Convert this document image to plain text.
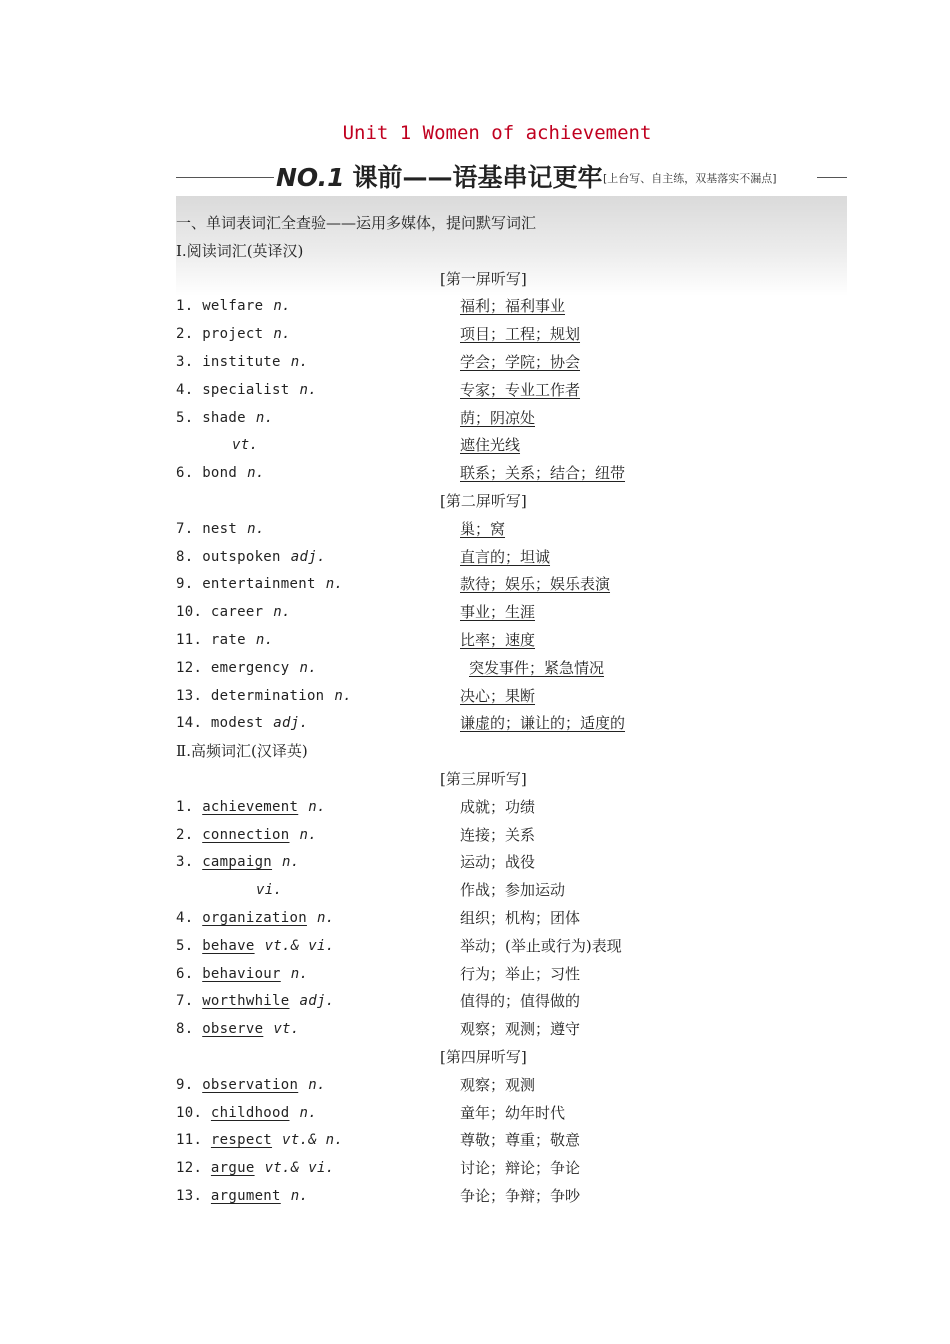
Unit 1 Women of achievement
NO.1 课前——语基串记更牢 [上台写、自主练，双基落实不漏点]
一、单词表词汇全查验——运用多媒体，提问默写词汇
Ⅰ.阅读词汇(英译汉)
[第一屏听写]
1. welfare n.	福利；福利事业
2. project n.	项目；工程；规划
3. institute n.	学会；学院；协会
4. specialist n.	专家；专业工作者
5. shade n.	荫；阴凉处
vt.	遮住光线
6. bond n.	联系；关系；结合；纽带
[第二屏听写]
7. nest n.	巢；窝
8. outspoken adj.	直言的；坦诚
9. entertainment n.	款待；娱乐；娱乐表演
10. career n.	事业；生涯
11. rate n.	比率；速度
12. emergency n.	突发事件；紧急情况
13. determination n.	决心；果断
14. modest adj.	谦虚的；谦让的；适度的
Ⅱ.高频词汇(汉译英)
[第三屏听写]
1. achievement n.	成就；功绩
2. connection n.	连接；关系
3. campaign n.	运动；战役
vi.	作战；参加运动
4. organization n.	组织；机构；团体
5. behave vt.& vi.	举动；(举止或行为)表现
6. behaviour n.	行为；举止；习性
7. worthwhile adj.	值得的；值得做的
8. observe vt.	观察；观测；遵守
[第四屏听写]
9. observation n.	观察；观测
10. childhood n.	童年；幼年时代
11. respect vt.& n.	尊敬；尊重；敬意
12. argue vt.& vi.	讨论；辩论；争论
13. argument n.	争论；争辩；争吵
